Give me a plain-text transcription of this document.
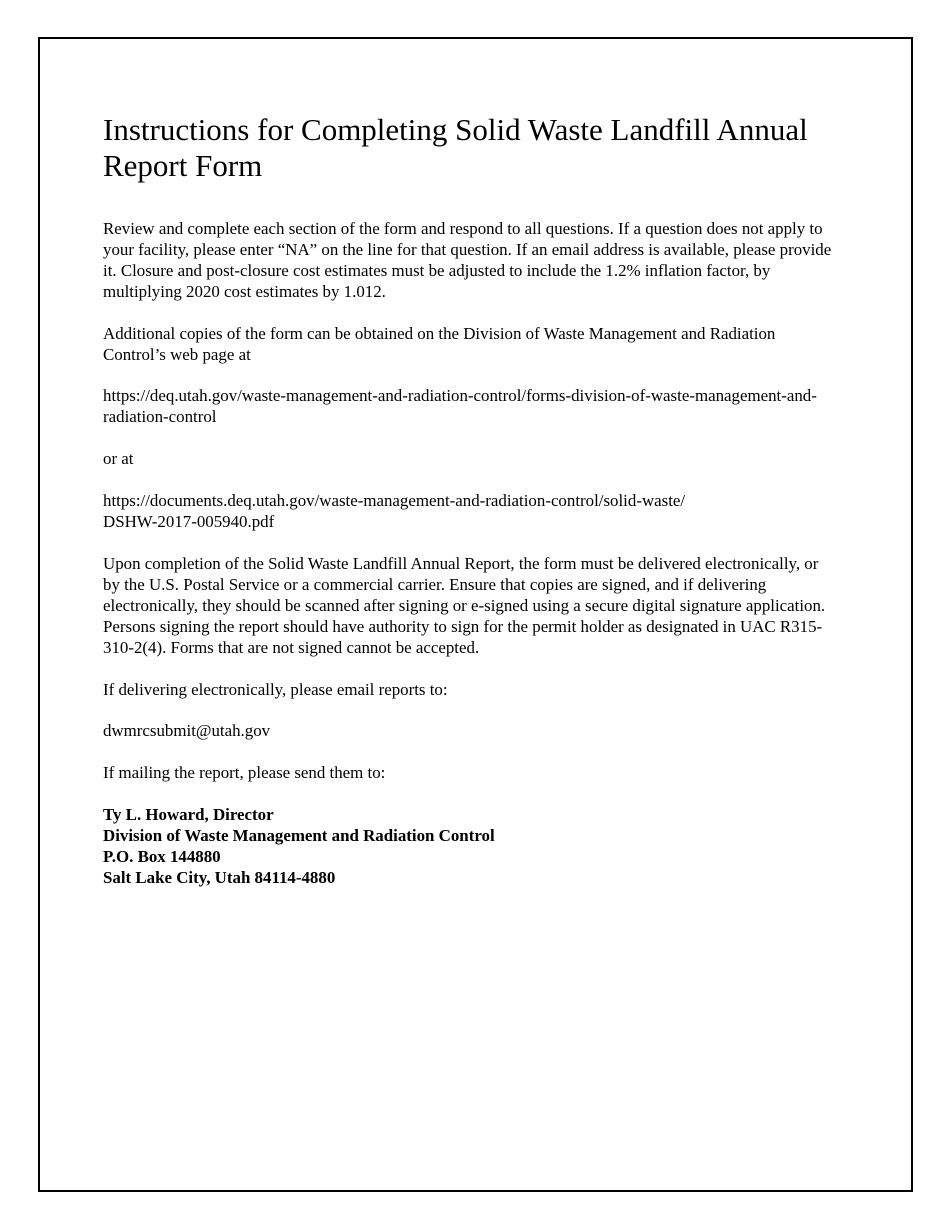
Instructions for Completing Solid Waste Landfill Annual Report Form

Review and complete each section of the form and respond to all questions. If a question does not apply to your facility, please enter “NA” on the line for that question. If an email address is available, please provide it. Closure and post-closure cost estimates must be adjusted to include the 1.2% inflation factor, by multiplying 2020 cost estimates by 1.012.

Additional copies of the form can be obtained on the Division of Waste Management and Radiation Control’s web page at

https://deq.utah.gov/waste-management-and-radiation-control/forms-division-of-waste-management-and-radiation-control

or at

https://documents.deq.utah.gov/waste-management-and-radiation-control/solid-waste/
DSHW-2017-005940.pdf

Upon completion of the Solid Waste Landfill Annual Report, the form must be delivered electronically, or by the U.S. Postal Service or a commercial carrier. Ensure that copies are signed, and if delivering electronically, they should be scanned after signing or e-signed using a secure digital signature application. Persons signing the report should have authority to sign for the permit holder as designated in UAC R315-310-2(4). Forms that are not signed cannot be accepted.

If delivering electronically, please email reports to:

dwmrcsubmit@utah.gov

If mailing the report, please send them to:

Ty L. Howard, Director
Division of Waste Management and Radiation Control
P.O. Box 144880
Salt Lake City, Utah 84114-4880
